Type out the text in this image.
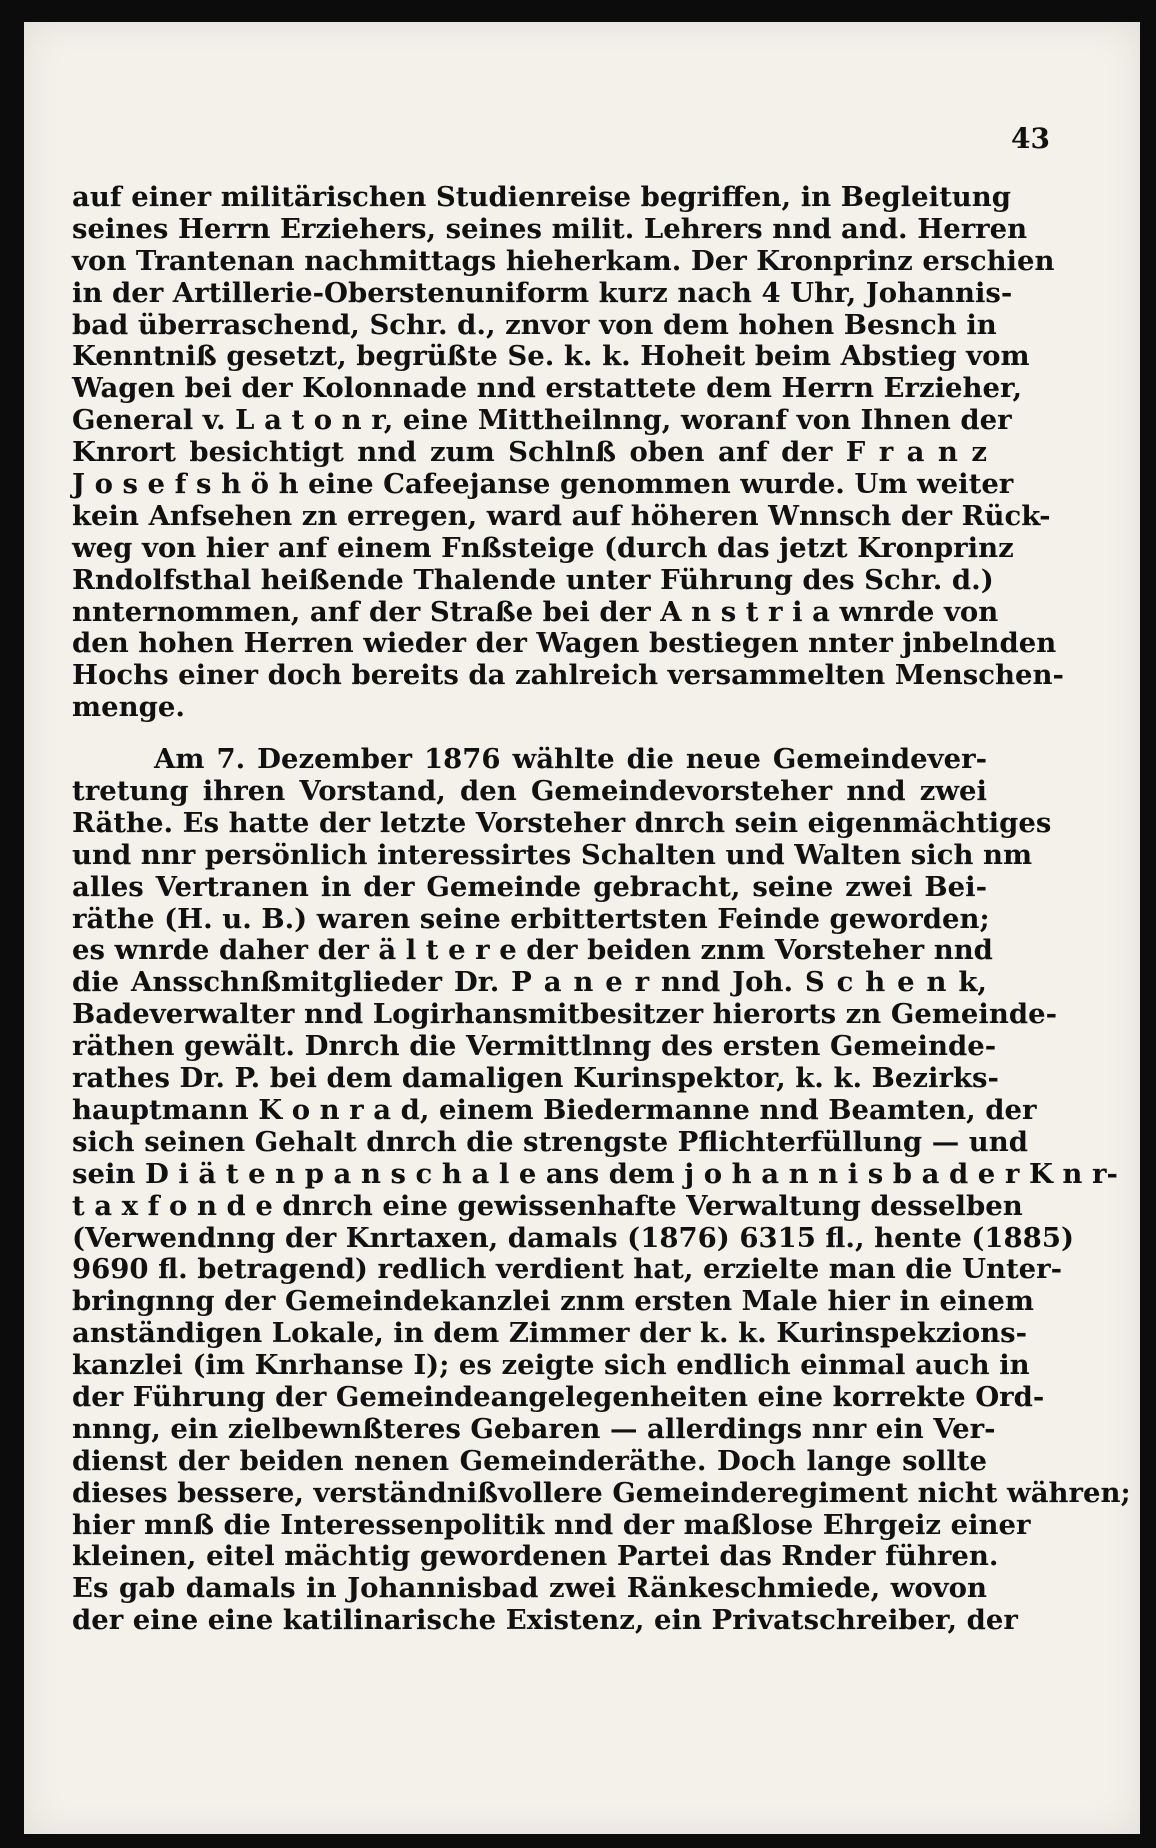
43
auf einer militärischen Studienreise begriffen, in Begleitung
seines Herrn Erziehers, seines milit. Lehrers nnd and. Herren
von Trantenan nachmittags hieherkam. Der Kronprinz erschien
in der Artillerie-Oberstenuniform kurz nach 4 Uhr, Johannis-
bad überraschend, Schr. d., znvor von dem hohen Besnch in
Kenntniß gesetzt, begrüßte Se. k. k. Hoheit beim Abstieg vom
Wagen bei der Kolonnade nnd erstattete dem Herrn Erzieher,
General v. L a t o n r, eine Mittheilnng, woranf von Ihnen der
Knrort besichtigt nnd zum Schlnß oben anf der F r a n z
J o s e f s h ö h eine Cafeejanse genommen wurde. Um weiter
kein Anfsehen zn erregen, ward auf höheren Wnnsch der Rück-
weg von hier anf einem Fnßsteige (durch das jetzt Kronprinz
Rndolfsthal heißende Thalende unter Führung des Schr. d.)
nnternommen, anf der Straße bei der A n s t r i a wnrde von
den hohen Herren wieder der Wagen bestiegen nnter jnbelnden
Hochs einer doch bereits da zahlreich versammelten Menschen-
menge.
Am 7. Dezember 1876 wählte die neue Gemeindever-
tretung ihren Vorstand, den Gemeindevorsteher nnd zwei
Räthe. Es hatte der letzte Vorsteher dnrch sein eigenmächtiges
und nnr persönlich interessirtes Schalten und Walten sich nm
alles Vertranen in der Gemeinde gebracht, seine zwei Bei-
räthe (H. u. B.) waren seine erbittertsten Feinde geworden;
es wnrde daher der ä l t e r e der beiden znm Vorsteher nnd
die Ansschnßmitglieder Dr. P a n e r nnd Joh. S c h e n k,
Badeverwalter nnd Logirhansmitbesitzer hierorts zn Gemeinde-
räthen gewält. Dnrch die Vermittlnng des ersten Gemeinde-
rathes Dr. P. bei dem damaligen Kurinspektor, k. k. Bezirks-
hauptmann K o n r a d, einem Biedermanne nnd Beamten, der
sich seinen Gehalt dnrch die strengste Pflichterfüllung — und
sein D i ä t e n p a n s c h a l e ans dem j o h a n n i s b a d e r K n r-
t a x f o n d e dnrch eine gewissenhafte Verwaltung desselben
(Verwendnng der Knrtaxen, damals (1876) 6315 fl., hente (1885)
9690 fl. betragend) redlich verdient hat, erzielte man die Unter-
bringnng der Gemeindekanzlei znm ersten Male hier in einem
anständigen Lokale, in dem Zimmer der k. k. Kurinspekzions-
kanzlei (im Knrhanse I); es zeigte sich endlich einmal auch in
der Führung der Gemeindeangelegenheiten eine korrekte Ord-
nnng, ein zielbewnßteres Gebaren — allerdings nnr ein Ver-
dienst der beiden nenen Gemeinderäthe. Doch lange sollte
dieses bessere, verständnißvollere Gemeinderegiment nicht währen;
hier mnß die Interessenpolitik nnd der maßlose Ehrgeiz einer
kleinen, eitel mächtig gewordenen Partei das Rnder führen.
Es gab damals in Johannisbad zwei Ränkeschmiede, wovon
der eine eine katilinarische Existenz, ein Privatschreiber, der
